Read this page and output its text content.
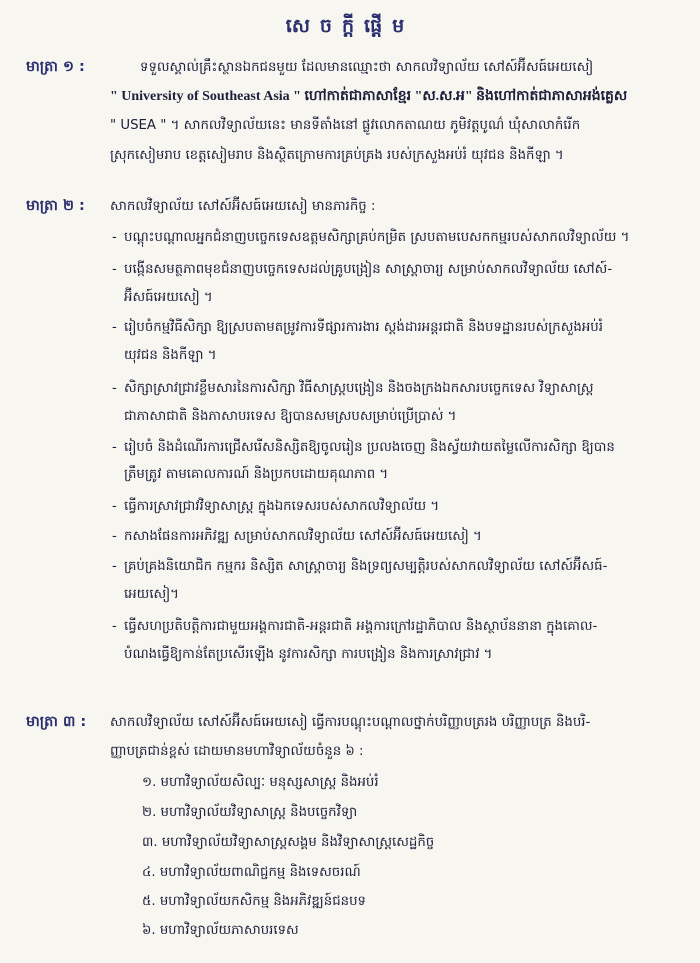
សេចក្ដីផ្ដើម
មាត្រា ១ :	ទទួលស្គាល់គ្រឹះស្ថានឯកជនមួយ ដែលមានឈ្មោះថា សាកលវិទ្យាល័យ សៅស៍អ៊ីសធ៍អេយសៀ
" University of Southeast Asia " ហៅកាត់ជាភាសាខ្មែរ "ស.ស.អ" និងហៅកាត់ជាភាសាអង់គ្លេស
" USEA " ។ សាកលវិទ្យាល័យនេះ មានទីតាំងនៅ ផ្លូវលោកតាណយ ភូមិវត្តបូណ៌ ឃុំសាលាកំរើក
ស្រុកសៀមរាប ខេត្តសៀមរាប និងស្ថិតក្រោមការគ្រប់គ្រង របស់ក្រសួងអប់រំ យុវជន និងកីឡា ។
មាត្រា ២ :	សាកលវិទ្យាល័យ សៅស៍អ៊ីសធ៍អេយសៀ មានភារកិច្ច :
- បណ្ដុះបណ្ដាលអ្នកជំនាញបច្ចេកទេសឧត្ដមសិក្សាគ្រប់កម្រិត ស្របតាមបេសកកម្មរបស់សាកលវិទ្យាល័យ ។
- បង្កើនសមត្ថភាពមុខជំនាញបច្ចេកទេសដល់គ្រូបង្រៀន សាស្ត្រាចារ្យ សម្រាប់សាកលវិទ្យាល័យ សៅស៍-
អ៊ីសធ៍អេយសៀ ។
- រៀបចំកម្មវិធីសិក្សា ឱ្យស្របតាមតម្រូវការទីផ្សារការងារ ស្តង់ដារអន្តរជាតិ និងបទដ្ឋានរបស់ក្រសួងអប់រំ
យុវជន និងកីឡា ។
- សិក្សាស្រាវជ្រាវខ្លឹមសារនៃការសិក្សា វិធីសាស្ត្របង្រៀន និងចងក្រងឯកសារបច្ចេកទេស វិទ្យាសាស្ត្រ
ជាភាសាជាតិ និងភាសាបរទេស ឱ្យបានសមស្របសម្រាប់ប្រើប្រាស់ ។
- រៀបចំ និងដំណើរការជ្រើសរើសនិស្សិតឱ្យចូលរៀន ប្រលងចេញ និងស្វ័យវាយតម្លៃលើការសិក្សា ឱ្យបាន
ត្រឹមត្រូវ តាមគោលការណ៍ និងប្រកបដោយគុណភាព ។
- ធ្វើការស្រាវជ្រាវវិទ្យាសាស្ត្រ ក្នុងឯកទេសរបស់សាកលវិទ្យាល័យ ។
- កសាងផែនការអភិវឌ្ឍ សម្រាប់សាកលវិទ្យាល័យ សៅស៍អ៊ីសធ៍អេយសៀ ។
- គ្រប់គ្រងនិយោជិក កម្មករ និស្សិត សាស្ត្រាចារ្យ និងទ្រព្យសម្បត្តិរបស់សាកលវិទ្យាល័យ សៅស៍អ៊ីសធ៍-
អេយសៀ។
- ធ្វើសហប្រតិបត្តិការជាមួយអង្គការជាតិ-អន្តរជាតិ អង្គការក្រៅរដ្ឋាភិបាល និងស្ថាប័ននានា ក្នុងគោល-
បំណងធ្វើឱ្យកាន់តែប្រសើរឡើង នូវការសិក្សា ការបង្រៀន និងការស្រាវជ្រាវ ។
មាត្រា ៣ :	សាកលវិទ្យាល័យ សៅស៍អ៊ីសធ៍អេយសៀ ធ្វើការបណ្ដុះបណ្ដាលថ្នាក់បរិញ្ញាបត្ររង បរិញ្ញាបត្រ និងបរិ-
ញ្ញាបត្រជាន់ខ្ពស់ ដោយមានមហាវិទ្យាល័យចំនួន ៦ :
១. មហាវិទ្យាល័យសិល្បៈ មនុស្សសាស្ត្រ និងអប់រំ
២. មហាវិទ្យាល័យវិទ្យាសាស្ត្រ និងបច្ចេកវិទ្យា
៣. មហាវិទ្យាល័យវិទ្យាសាស្ត្រសង្គម និងវិទ្យាសាស្ត្រសេដ្ឋកិច្ច
៤. មហាវិទ្យាល័យពាណិជ្ជកម្ម និងទេសចរណ៍
៥. មហាវិទ្យាល័យកសិកម្ម និងអភិវឌ្ឍន៍ជនបទ
៦. មហាវិទ្យាល័យភាសាបរទេស
